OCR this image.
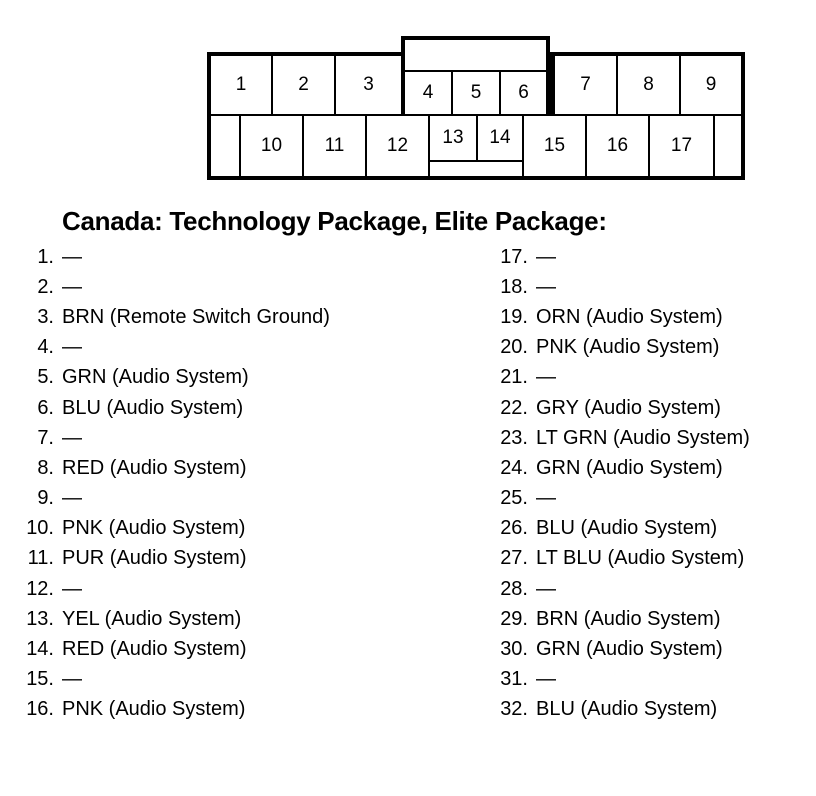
1	2	3	4	5	6	7	8	9
10	11	12	13	14	15	16	17
Canada: Technology Package, Elite Package:
1. —
2. —
3. BRN (Remote Switch Ground)
4. —
5. GRN (Audio System)
6. BLU (Audio System)
7. —
8. RED (Audio System)
9. —
10. PNK (Audio System)
11. PUR (Audio System)
12. —
13. YEL (Audio System)
14. RED (Audio System)
15. —
16. PNK (Audio System)
17. —
18. —
19. ORN (Audio System)
20. PNK (Audio System)
21. —
22. GRY (Audio System)
23. LT GRN (Audio System)
24. GRN (Audio System)
25. —
26. BLU (Audio System)
27. LT BLU (Audio System)
28. —
29. BRN (Audio System)
30. GRN (Audio System)
31. —
32. BLU (Audio System)
